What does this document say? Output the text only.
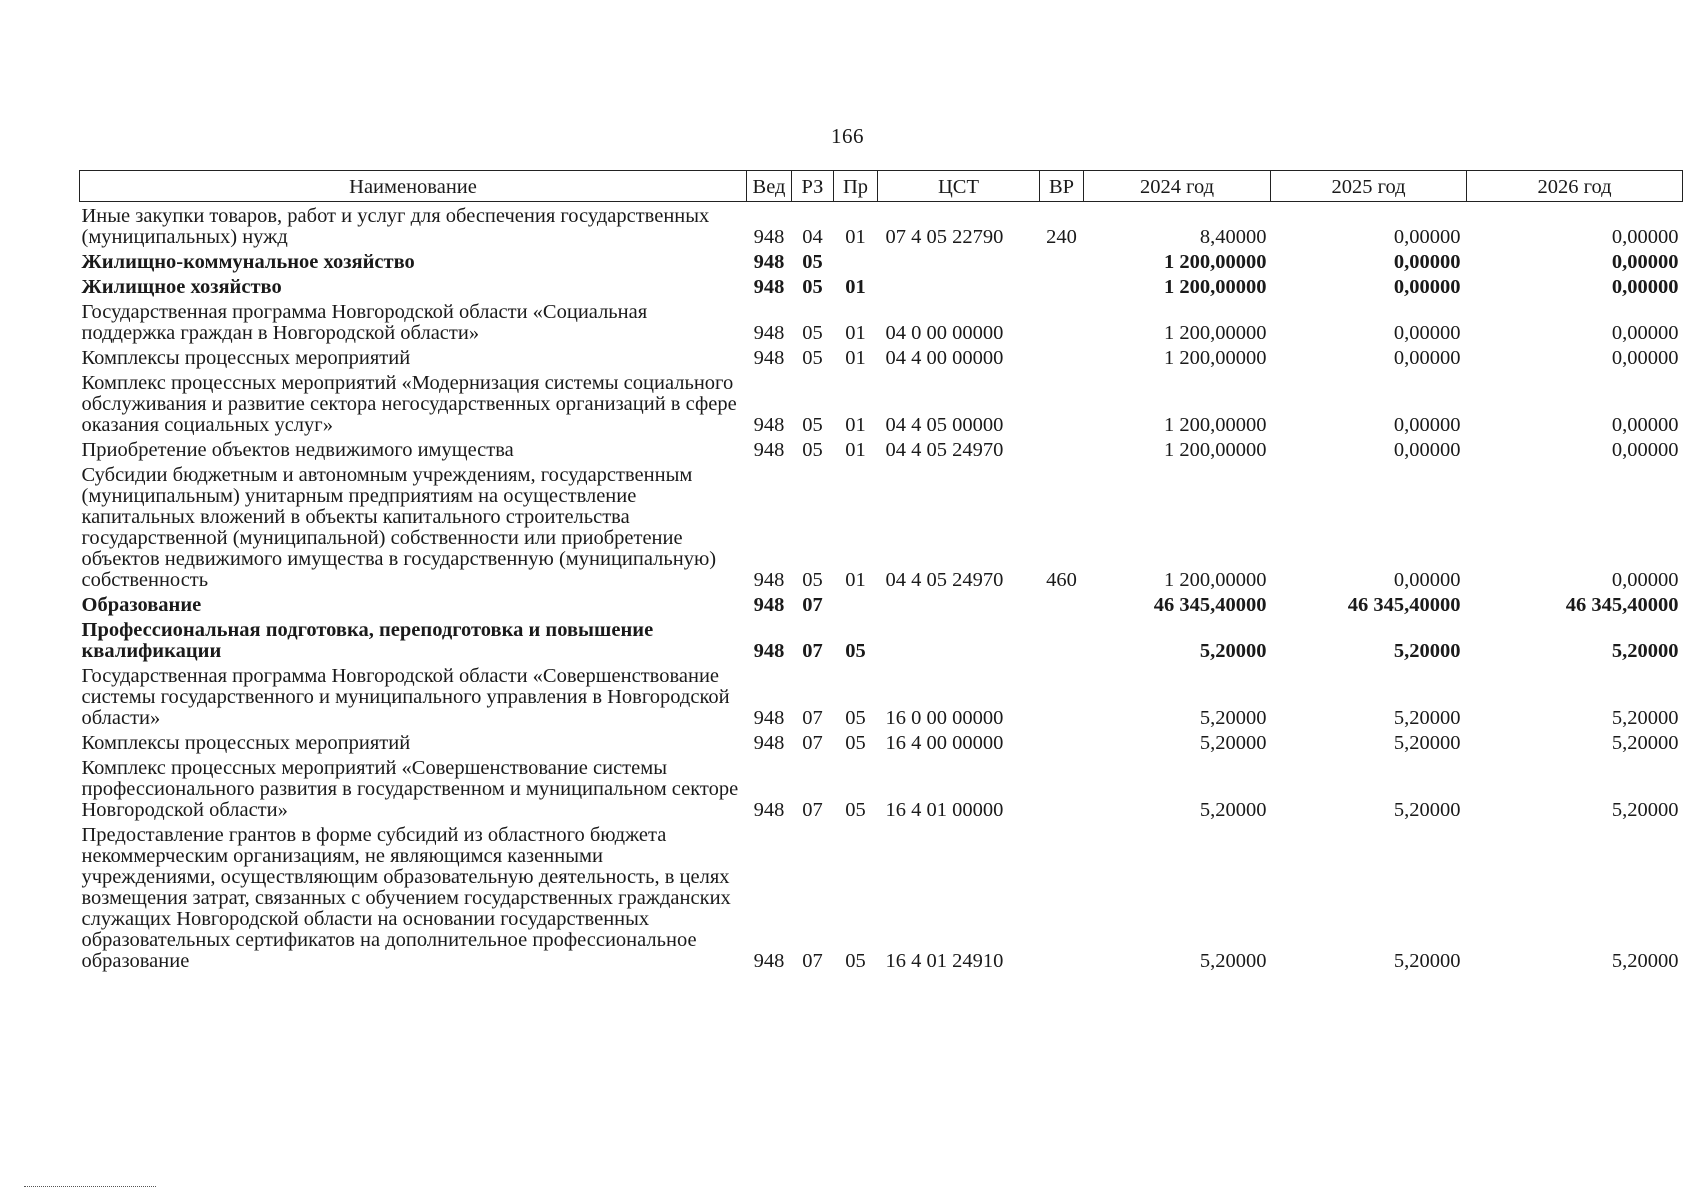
166
Наименование	Вед	РЗ	Пр	ЦСТ	ВР	2024 год	2025 год	2026 год
Иные закупки товаров, работ и услуг для обеспечения государственных (муниципальных) нужд	948	04	01	07 4 05 22790	240	8,40000	0,00000	0,00000
Жилищно-коммунальное хозяйство	948	05				1 200,00000	0,00000	0,00000
Жилищное хозяйство	948	05	01			1 200,00000	0,00000	0,00000
Государственная программа Новгородской области «Социальная поддержка граждан в Новгородской области»	948	05	01	04 0 00 00000		1 200,00000	0,00000	0,00000
Комплексы процессных мероприятий	948	05	01	04 4 00 00000		1 200,00000	0,00000	0,00000
Комплекс процессных мероприятий «Модернизация системы социального обслуживания и развитие сектора негосударственных организаций в сфере оказания социальных услуг»	948	05	01	04 4 05 00000		1 200,00000	0,00000	0,00000
Приобретение объектов недвижимого имущества	948	05	01	04 4 05 24970		1 200,00000	0,00000	0,00000
Субсидии бюджетным и автономным учреждениям, государственным (муниципальным) унитарным предприятиям на осуществление капитальных вложений в объекты капитального строительства государственной (муниципальной) собственности или приобретение объектов недвижимого имущества в государственную (муниципальную) собственность	948	05	01	04 4 05 24970	460	1 200,00000	0,00000	0,00000
Образование	948	07				46 345,40000	46 345,40000	46 345,40000
Профессиональная подготовка, переподготовка и повышение квалификации	948	07	05			5,20000	5,20000	5,20000
Государственная программа Новгородской области «Совершенствование системы государственного и муниципального управления в Новгородской области»	948	07	05	16 0 00 00000		5,20000	5,20000	5,20000
Комплексы процессных мероприятий	948	07	05	16 4 00 00000		5,20000	5,20000	5,20000
Комплекс процессных мероприятий «Совершенствование системы профессионального развития в государственном и муниципальном секторе Новгородской области»	948	07	05	16 4 01 00000		5,20000	5,20000	5,20000
Предоставление грантов в форме субсидий из областного бюджета некоммерческим организациям, не являющимся казенными учреждениями, осуществляющим образовательную деятельность, в целях возмещения затрат, связанных с обучением государственных гражданских служащих Новгородской области на основании государственных образовательных сертификатов на дополнительное профессиональное образование	948	07	05	16 4 01 24910		5,20000	5,20000	5,20000
